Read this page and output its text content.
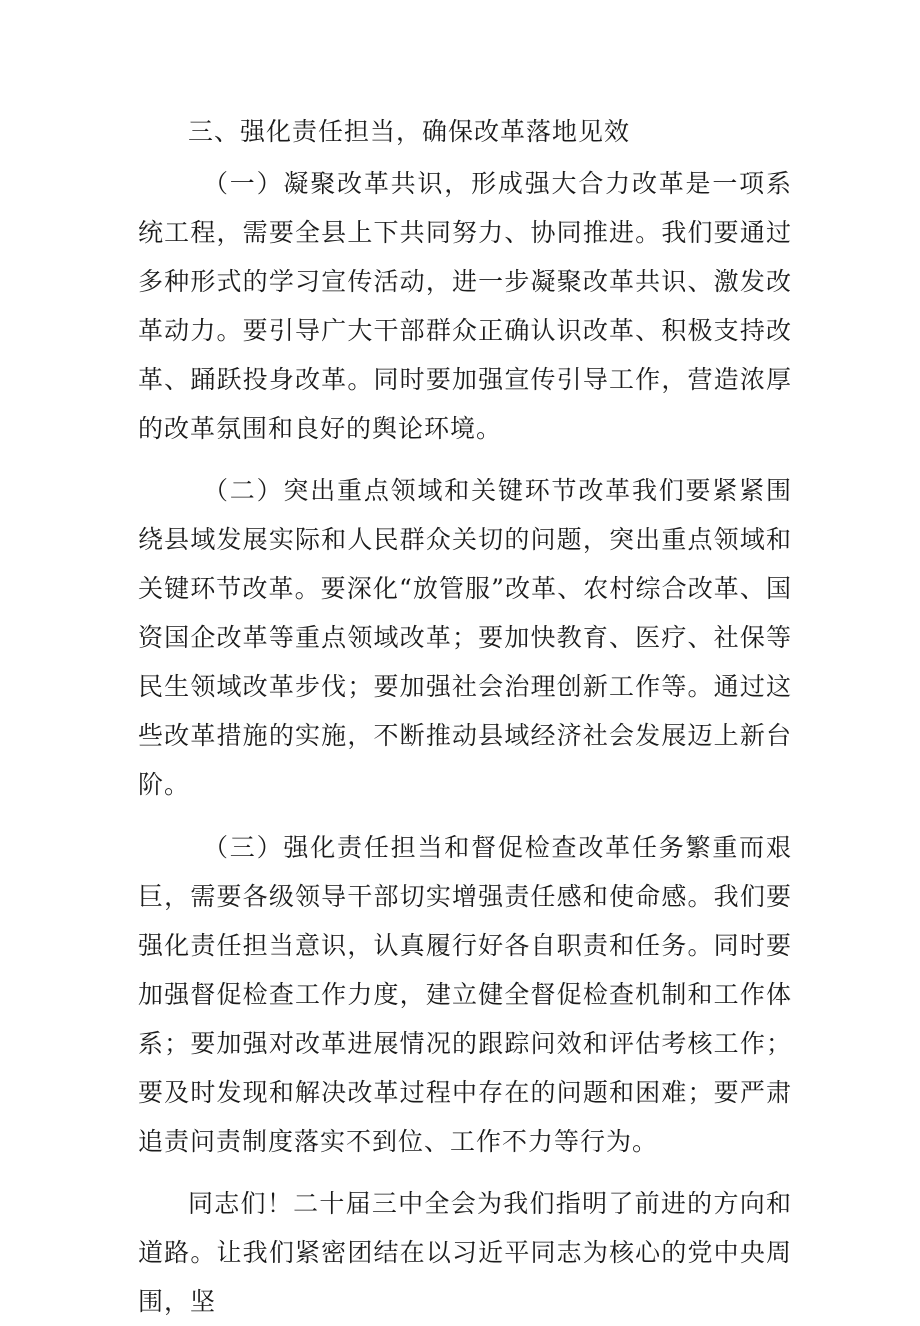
三、强化责任担当，确保改革落地见效

（一）凝聚改革共识，形成强大合力改革是一项系统工程，需要全县上下共同努力、协同推进。我们要通过多种形式的学习宣传活动，进一步凝聚改革共识、激发改革动力。要引导广大干部群众正确认识改革、积极支持改革、踊跃投身改革。同时要加强宣传引导工作，营造浓厚的改革氛围和良好的舆论环境。

（二）突出重点领域和关键环节改革我们要紧紧围绕县域发展实际和人民群众关切的问题，突出重点领域和关键环节改革。要深化“放管服”改革、农村综合改革、国资国企改革等重点领域改革；要加快教育、医疗、社保等民生领域改革步伐；要加强社会治理创新工作等。通过这些改革措施的实施，不断推动县域经济社会发展迈上新台阶。

（三）强化责任担当和督促检查改革任务繁重而艰巨，需要各级领导干部切实增强责任感和使命感。我们要强化责任担当意识，认真履行好各自职责和任务。同时要加强督促检查工作力度，建立健全督促检查机制和工作体系；要加强对改革进展情况的跟踪问效和评估考核工作；要及时发现和解决改革过程中存在的问题和困难；要严肃追责问责制度落实不到位、工作不力等行为。

同志们！二十届三中全会为我们指明了前进的方向和道路。让我们紧密团结在以习近平同志为核心的党中央周围，坚
